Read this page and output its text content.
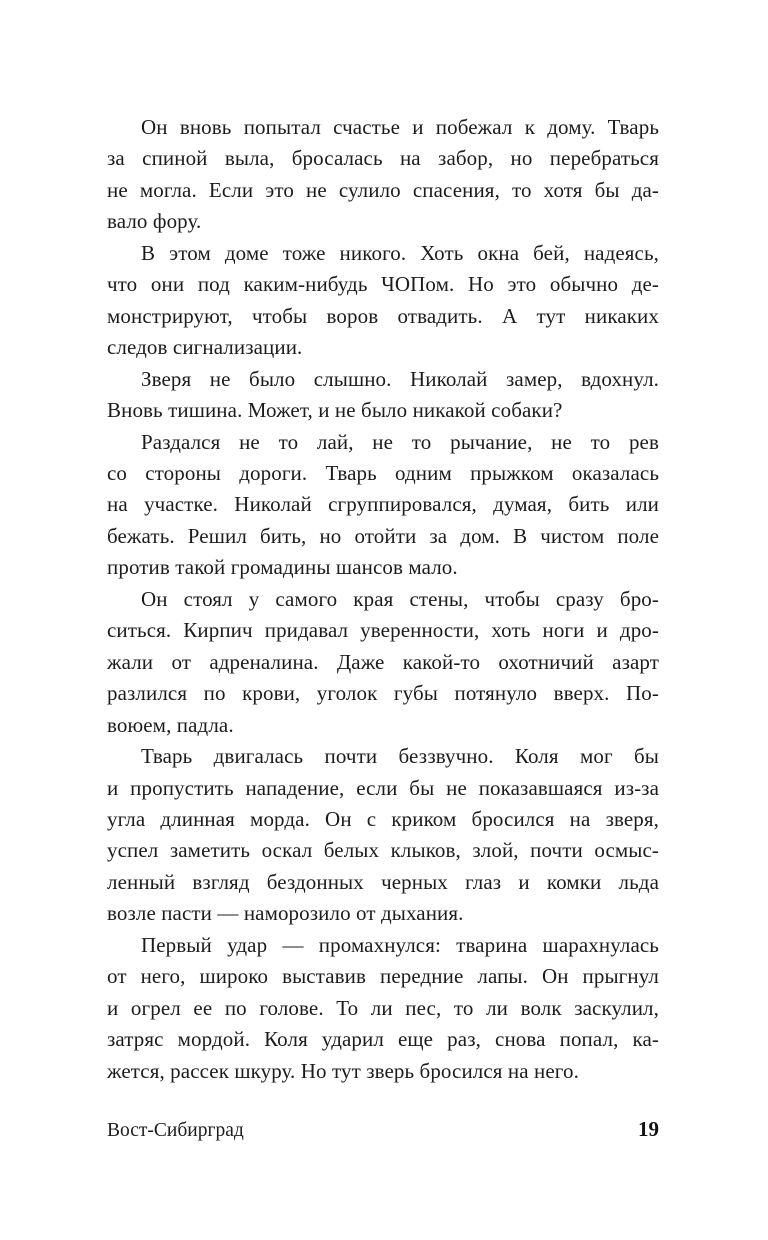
Он вновь попытал счастье и побежал к дому. Тварь
за спиной выла, бросалась на забор, но перебраться
не могла. Если это не сулило спасения, то хотя бы да-
вало фору.
В этом доме тоже никого. Хоть окна бей, надеясь,
что они под каким-нибудь ЧОПом. Но это обычно де-
монстрируют, чтобы воров отвадить. А тут никаких
следов сигнализации.
Зверя не было слышно. Николай замер, вдохнул.
Вновь тишина. Может, и не было никакой собаки?
Раздался не то лай, не то рычание, не то рев
со стороны дороги. Тварь одним прыжком оказалась
на участке. Николай сгруппировался, думая, бить или
бежать. Решил бить, но отойти за дом. В чистом поле
против такой громадины шансов мало.
Он стоял у самого края стены, чтобы сразу бро-
ситься. Кирпич придавал уверенности, хоть ноги и дро-
жали от адреналина. Даже какой-то охотничий азарт
разлился по крови, уголок губы потянуло вверх. По-
воюем, падла.
Тварь двигалась почти беззвучно. Коля мог бы
и пропустить нападение, если бы не показавшаяся из-за
угла длинная морда. Он с криком бросился на зверя,
успел заметить оскал белых клыков, злой, почти осмыс-
ленный взгляд бездонных черных глаз и комки льда
возле пасти — наморозило от дыхания.
Первый удар — промахнулся: тварина шарахнулась
от него, широко выставив передние лапы. Он прыгнул
и огрел ее по голове. То ли пес, то ли волк заскулил,
затряс мордой. Коля ударил еще раз, снова попал, ка-
жется, рассек шкуру. Но тут зверь бросился на него.
Вост-Сибирград	19
